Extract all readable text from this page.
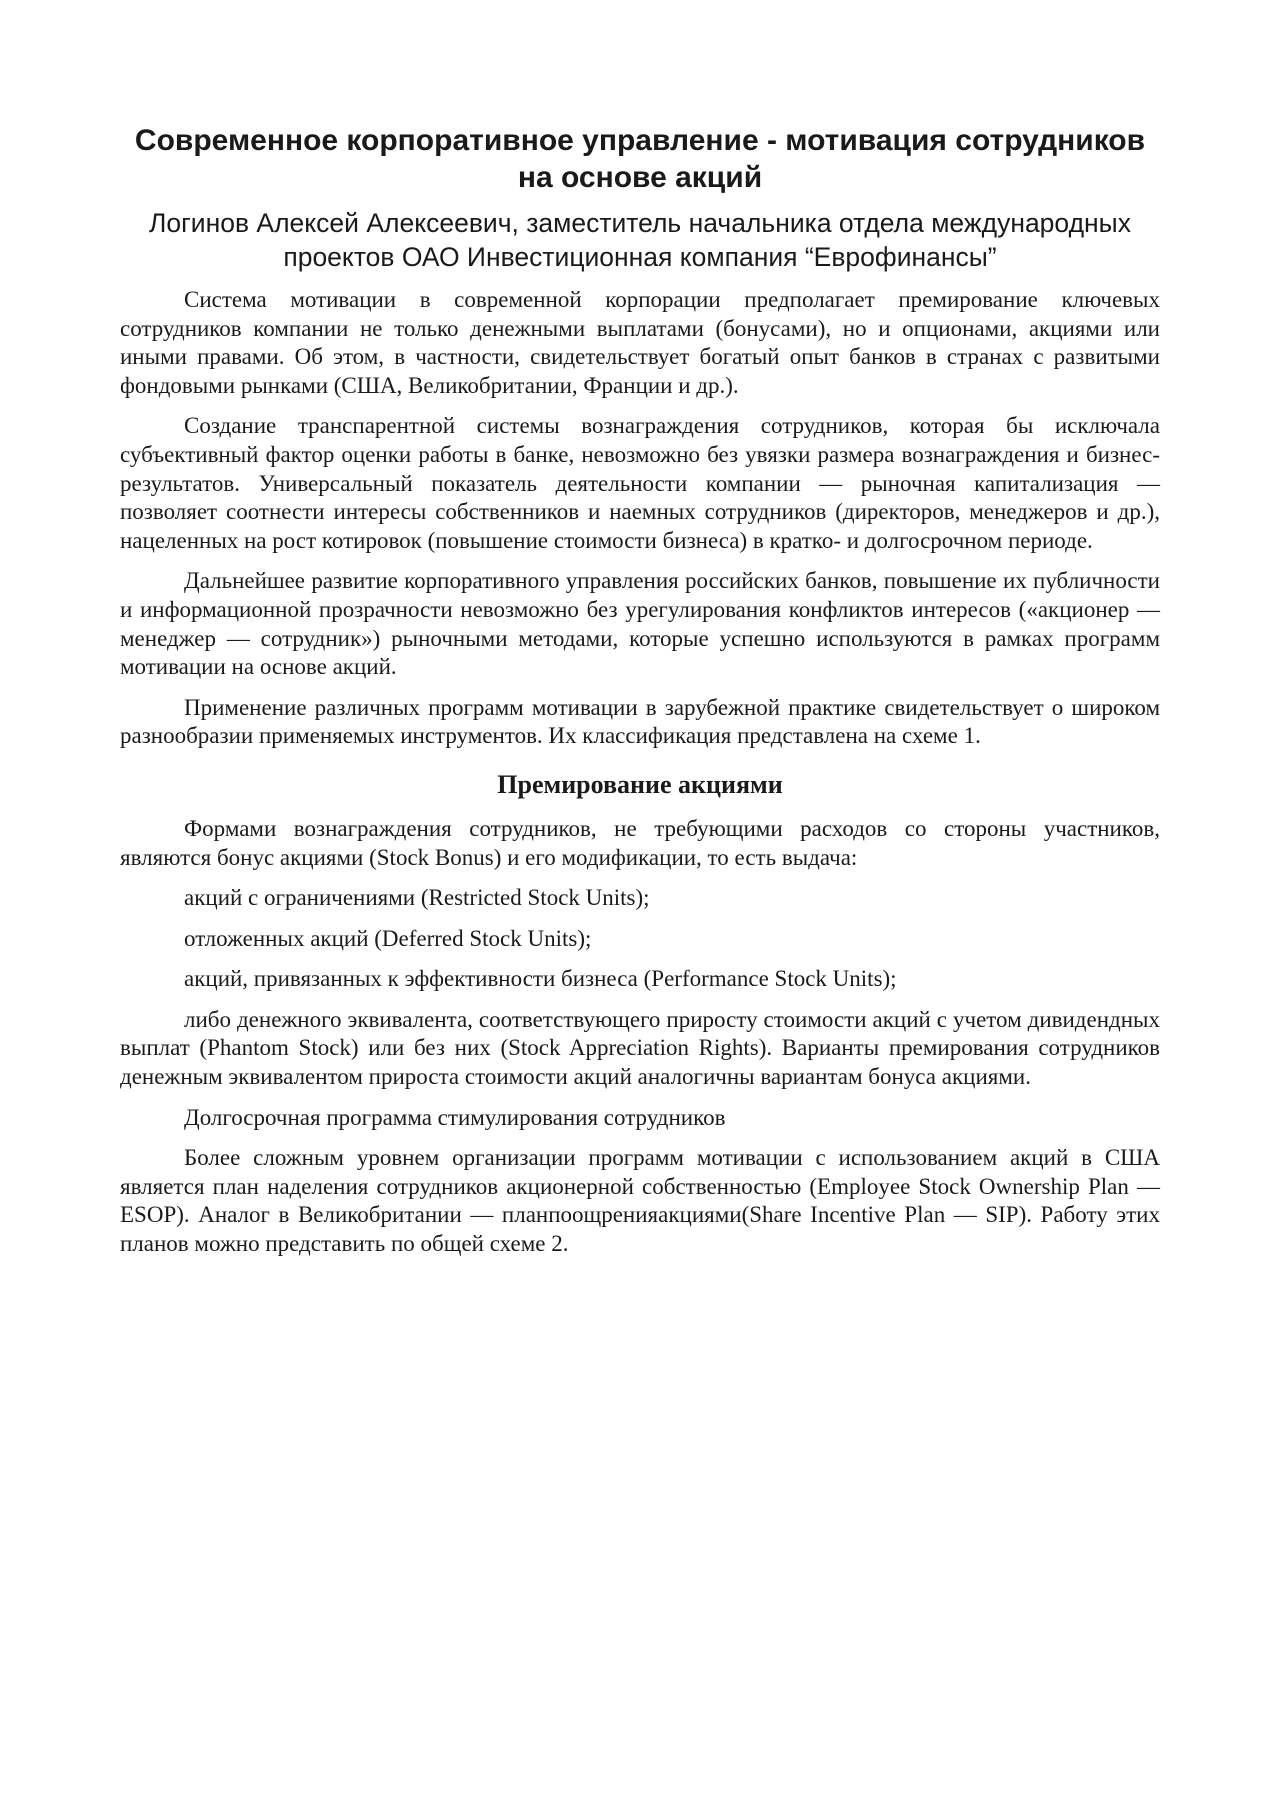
Современное корпоративное управление - мотивация сотрудников на основе акций

Логинов Алексей Алексеевич, заместитель начальника отдела международных проектов ОАО Инвестиционная компания “Еврофинансы”

Система мотивации в современной корпорации предполагает премирование ключевых сотрудников компании не только денежными выплатами (бонусами), но и опционами, акциями или иными правами. Об этом, в частности, свидетельствует богатый опыт банков в странах с развитыми фондовыми рынками (США, Великобритании, Франции и др.).

Создание транспарентной системы вознаграждения сотрудников, которая бы исключала субъективный фактор оценки работы в банке, невозможно без увязки размера вознаграждения и бизнес-результатов. Универсальный показатель деятельности компании — рыночная капитализация — позволяет соотнести интересы собственников и наемных сотрудников (директоров, менеджеров и др.), нацеленных на рост котировок (повышение стоимости бизнеса) в кратко- и долгосрочном периоде.

Дальнейшее развитие корпоративного управления российских банков, повышение их публичности и информационной прозрачности невозможно без урегулирования конфликтов интересов («акционер — менеджер — сотрудник») рыночными методами, которые успешно используются в рамках программ мотивации на основе акций.

Применение различных программ мотивации в зарубежной практике свидетельствует о широком разнообразии применяемых инструментов. Их классификация представлена на схеме 1.

Премирование акциями

Формами вознаграждения сотрудников, не требующими расходов со стороны участников, являются бонус акциями (Stock Bonus) и его модификации, то есть выдача:

акций с ограничениями (Restricted Stock Units);

отложенных акций (Deferred Stock Units);

акций, привязанных к эффективности бизнеса (Performance Stock Units);

либо денежного эквивалента, соответствующего приросту стоимости акций с учетом дивидендных выплат (Phantom Stock) или без них (Stock Appreciation Rights). Варианты премирования сотрудников денежным эквивалентом прироста стоимости акций аналогичны вариантам бонуса акциями.

Долгосрочная программа стимулирования сотрудников

Более сложным уровнем организации программ мотивации с использованием акций в США является план наделения сотрудников акционерной собственностью (Employee Stock Ownership Plan — ESOP). Аналог в Великобритании — планпоощренияакциями(Share Incentive Plan — SIP). Работу этих планов можно представить по общей схеме 2.
